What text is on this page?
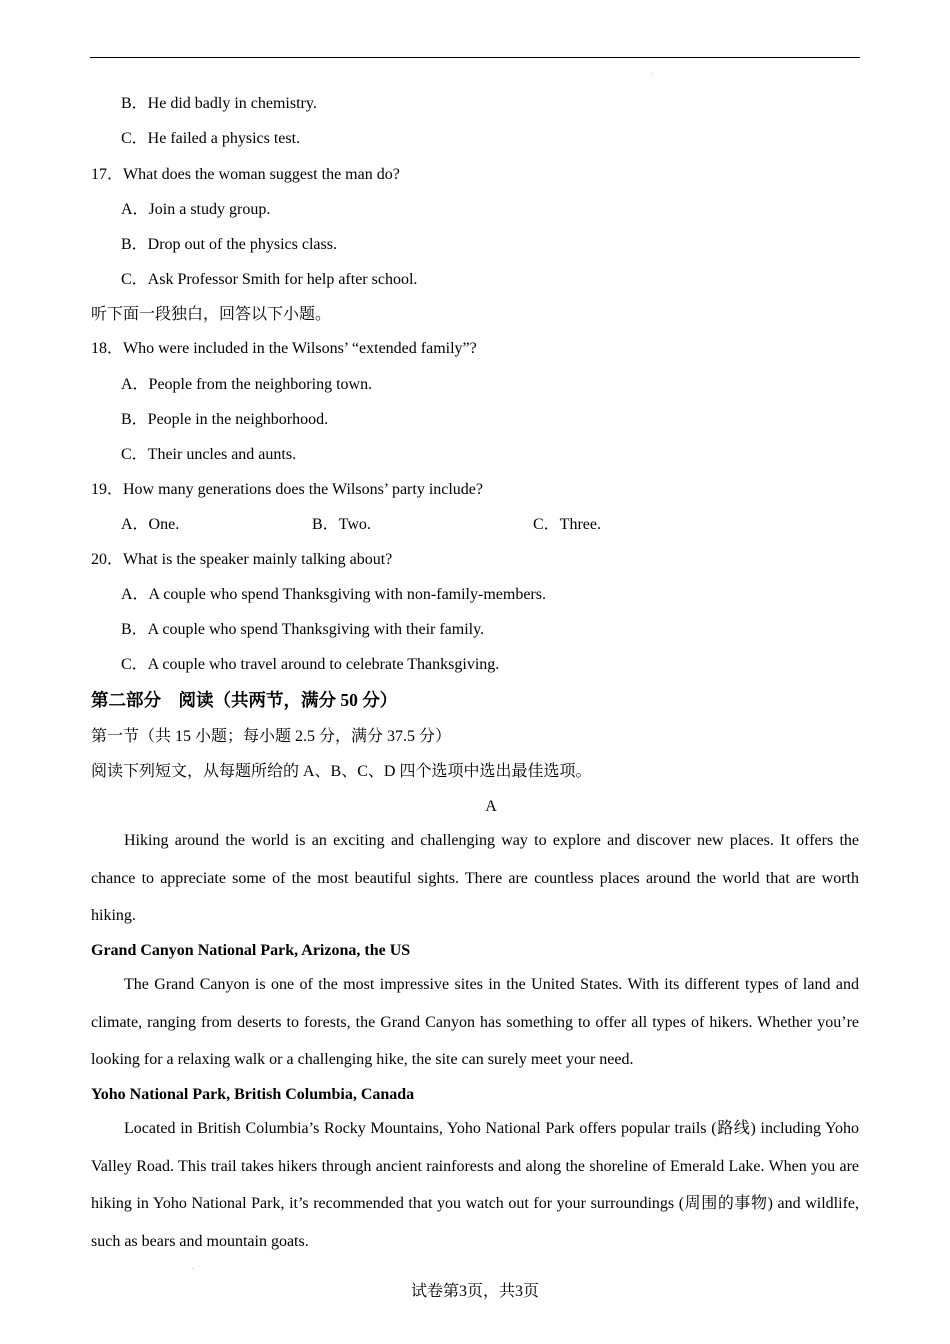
B．He did badly in chemistry.
C．He failed a physics test.
17．What does the woman suggest the man do?
A．Join a study group.
B．Drop out of the physics class.
C．Ask Professor Smith for help after school.
听下面一段独白，回答以下小题。
18．Who were included in the Wilsons’ “extended family”?
A．People from the neighboring town.
B．People in the neighborhood.
C．Their uncles and aunts.
19．How many generations does the Wilsons’ party include?
A．One.	B．Two.	C．Three.
20．What is the speaker mainly talking about?
A．A couple who spend Thanksgiving with non-family-members.
B．A couple who spend Thanksgiving with their family.
C．A couple who travel around to celebrate Thanksgiving.
第二部分　阅读（共两节，满分 50 分）
第一节（共 15 小题；每小题 2.5 分，满分 37.5 分）
阅读下列短文，从每题所给的 A、B、C、D 四个选项中选出最佳选项。
A
Hiking around the world is an exciting and challenging way to explore and discover new places. It offers the chance to appreciate some of the most beautiful sights. There are countless places around the world that are worth hiking.
Grand Canyon National Park, Arizona, the US
The Grand Canyon is one of the most impressive sites in the United States. With its different types of land and climate, ranging from deserts to forests, the Grand Canyon has something to offer all types of hikers. Whether you’re looking for a relaxing walk or a challenging hike, the site can surely meet your need.
Yoho National Park, British Columbia, Canada
Located in British Columbia’s Rocky Mountains, Yoho National Park offers popular trails (路线) including Yoho Valley Road. This trail takes hikers through ancient rainforests and along the shoreline of Emerald Lake. When you are hiking in Yoho National Park, it’s recommended that you watch out for your surroundings (周围的事物) and wildlife, such as bears and mountain goats.
试卷第3页，共3页
